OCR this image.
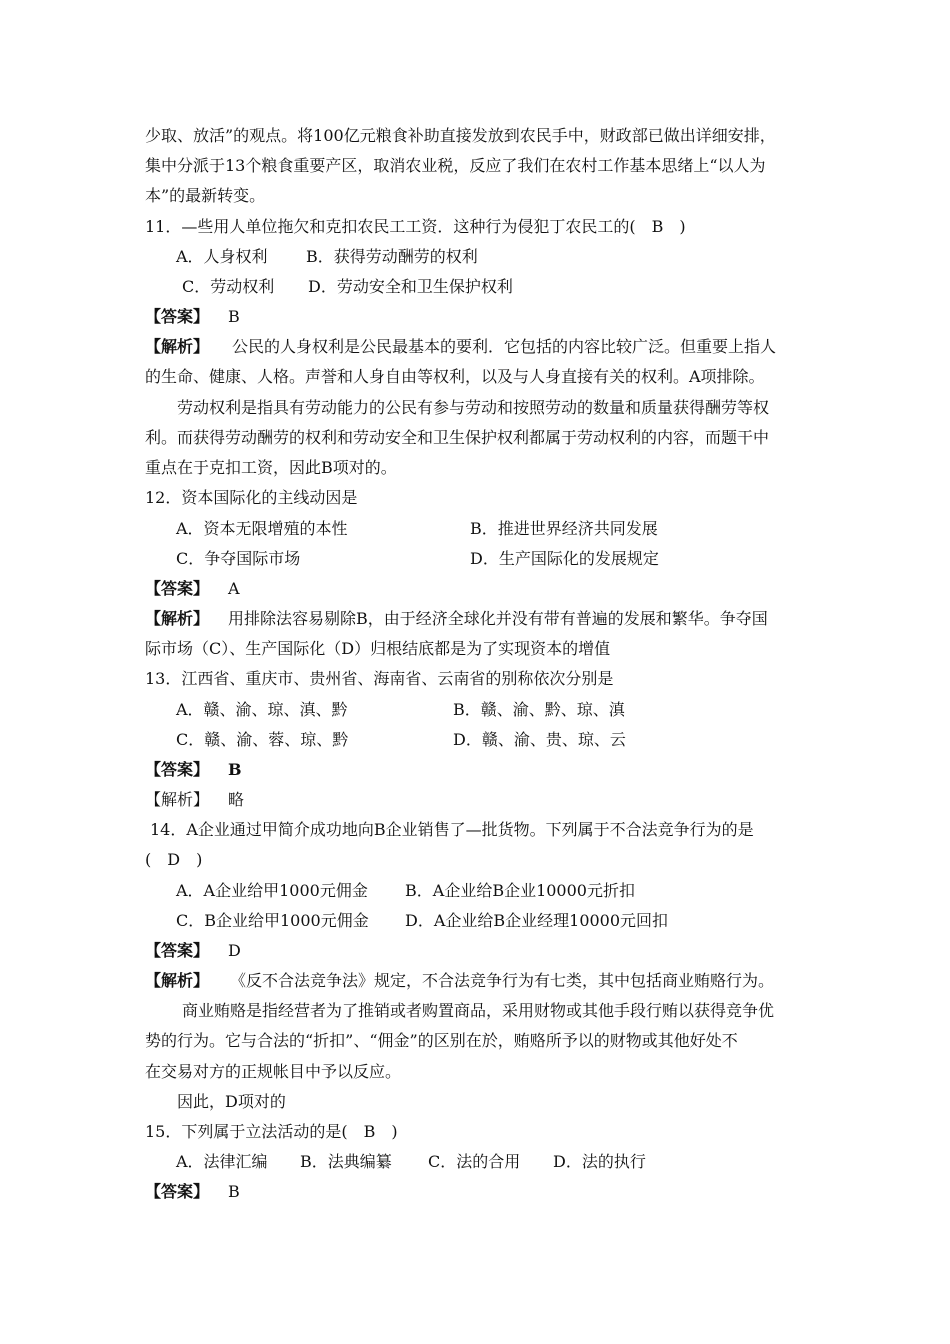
少取、放活”的观点。将100亿元粮食补助直接发放到农民手中，财政部已做出详细安排，
集中分派于13个粮食重要产区，取消农业税，反应了我们在农村工作基本思绪上“以人为
本”的最新转变。
11．—些用人单位拖欠和克扣农民工工资．这种行为侵犯丁农民工的(　B　)
A．人身权利 B．获得劳动酬劳的权利
C．劳动权利 D．劳动安全和卫生保护权利
【答案】 B
【解析】 公民的人身权利是公民最基本的要利．它包括的内容比较广泛。但重要上指人
的生命、健康、人格。声誉和人身自由等权利，以及与人身直接有关的权利。A项排除。
劳动权利是指具有劳动能力的公民有参与劳动和按照劳动的数量和质量获得酬劳等权
利。而获得劳动酬劳的权利和劳动安全和卫生保护权利都属于劳动权利的内容，而题干中
重点在于克扣工资，因此B项对的。
12．资本国际化的主线动因是
A．资本无限增殖的本性	B．推进世界经济共同发展
C．争夺国际市场	D．生产国际化的发展规定
【答案】 A
【解析】 用排除法容易剔除B，由于经济全球化并没有带有普遍的发展和繁华。争夺国
际市场（C）、生产国际化（D）归根结底都是为了实现资本的增值
13．江西省、重庆市、贵州省、海南省、云南省的别称依次分别是
A．赣、渝、琼、滇、黔	B．赣、渝、黔、琼、滇
C．赣、渝、蓉、琼、黔	D．赣、渝、贵、琼、云
【答案】 B
【解析】 略
14．A企业通过甲简介成功地向B企业销售了—批货物。下列属于不合法竞争行为的是
(　D　)
A．A企业给甲1000元佣金 B．A企业给B企业10000元折扣
C．B企业给甲1000元佣金 D．A企业给B企业经理10000元回扣
【答案】 D
【解析】 《反不合法竞争法》规定，不合法竞争行为有七类，其中包括商业贿赂行为。
商业贿赂是指经营者为了推销或者购置商品，采用财物或其他手段行贿以获得竞争优
势的行为。它与合法的“折扣”、“佣金”的区别在於，贿赂所予以的财物或其他好处不
在交易对方的正规帐目中予以反应。
因此，D项对的
15．下列属于立法活动的是(　B　)
A．法律汇编 B．法典编纂 C．法的合用 D．法的执行
【答案】 B
